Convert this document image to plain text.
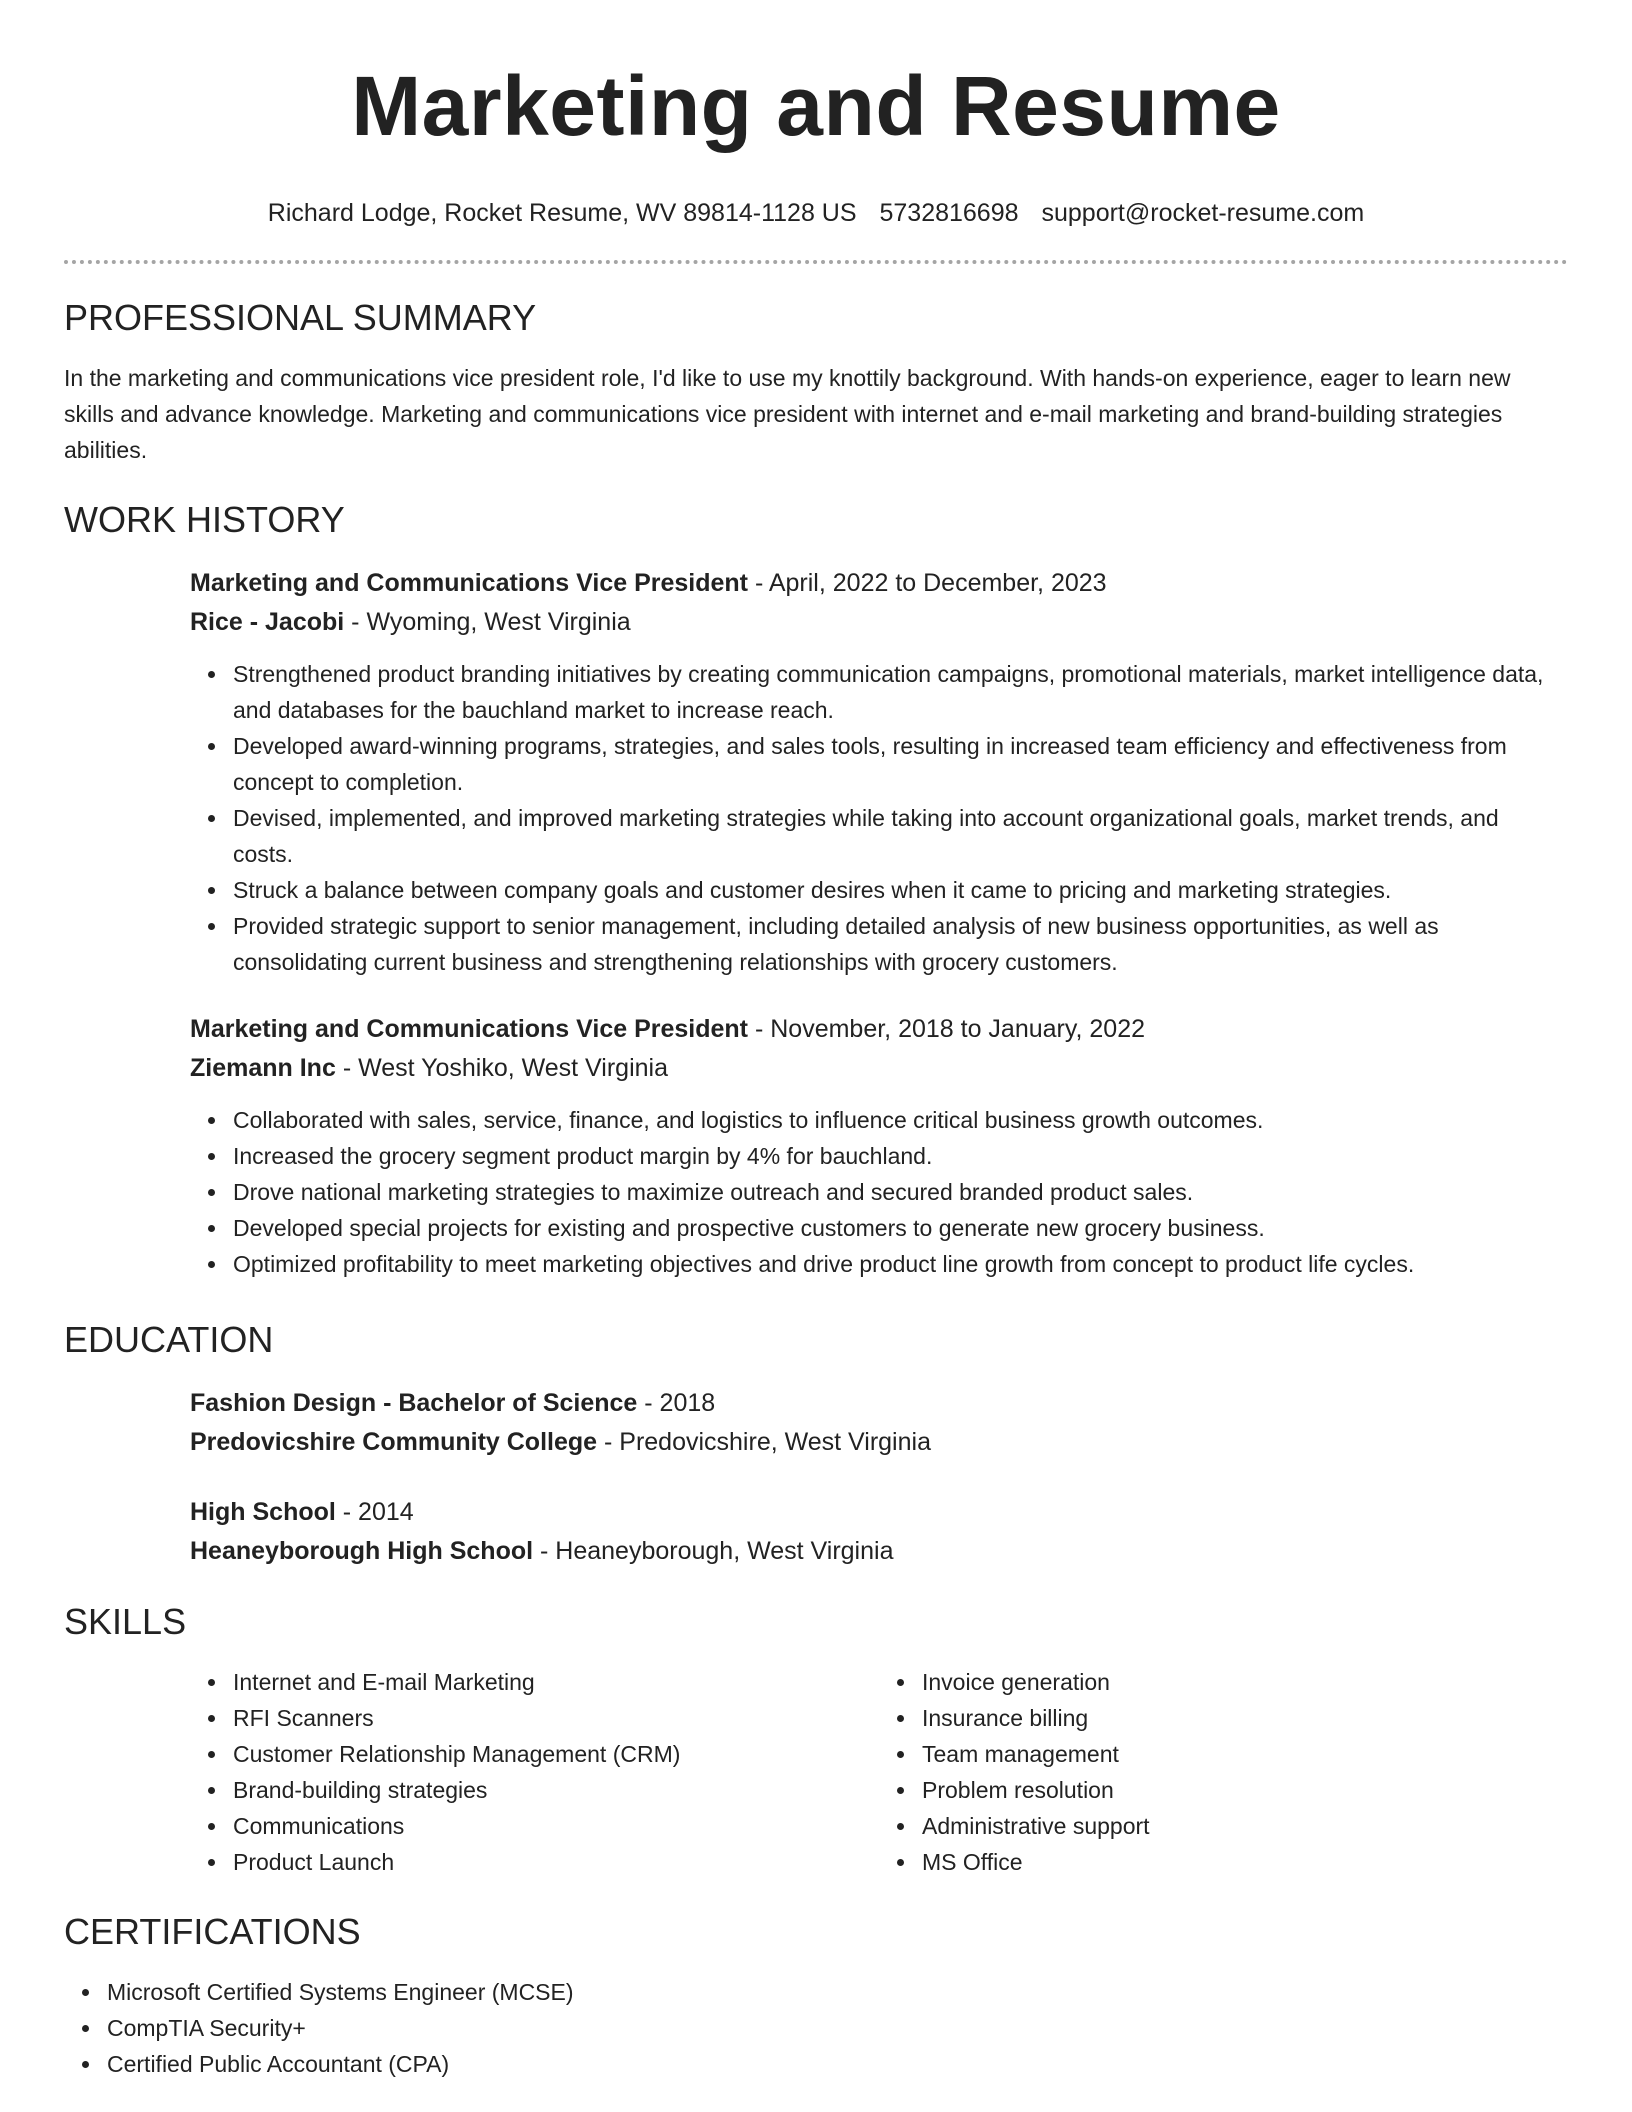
Marketing and Resume
Richard Lodge, Rocket Resume, WV 89814-1128 US 5732816698 support@rocket-resume.com
PROFESSIONAL SUMMARY

In the marketing and communications vice president role, I'd like to use my knottily background. With hands-on experience, eager to learn new skills and advance knowledge. Marketing and communications vice president with internet and e-mail marketing and brand-building strategies abilities.

WORK HISTORY

Marketing and Communications Vice President - April, 2022 to December, 2023

Rice - Jacobi - Wyoming, West Virginia

Strengthened product branding initiatives by creating communication campaigns, promotional materials, market intelligence data, and databases for the bauchland market to increase reach.
Developed award-winning programs, strategies, and sales tools, resulting in increased team efficiency and effectiveness from concept to completion.
Devised, implemented, and improved marketing strategies while taking into account organizational goals, market trends, and costs.
Struck a balance between company goals and customer desires when it came to pricing and marketing strategies.
Provided strategic support to senior management, including detailed analysis of new business opportunities, as well as consolidating current business and strengthening relationships with grocery customers.

Marketing and Communications Vice President - November, 2018 to January, 2022

Ziemann Inc - West Yoshiko, West Virginia

Collaborated with sales, service, finance, and logistics to influence critical business growth outcomes.
Increased the grocery segment product margin by 4% for bauchland.
Drove national marketing strategies to maximize outreach and secured branded product sales.
Developed special projects for existing and prospective customers to generate new grocery business.
Optimized profitability to meet marketing objectives and drive product line growth from concept to product life cycles.
EDUCATION

Fashion Design - Bachelor of Science - 2018

Predovicshire Community College - Predovicshire, West Virginia

High School - 2014

Heaneyborough High School - Heaneyborough, West Virginia

SKILLS
Internet and E-mail Marketing
RFI Scanners
Customer Relationship Management (CRM)
Brand-building strategies
Communications
Product Launch
Invoice generation
Insurance billing
Team management
Problem resolution
Administrative support
MS Office
CERTIFICATIONS
Microsoft Certified Systems Engineer (MCSE)
CompTIA Security+
Certified Public Accountant (CPA)
